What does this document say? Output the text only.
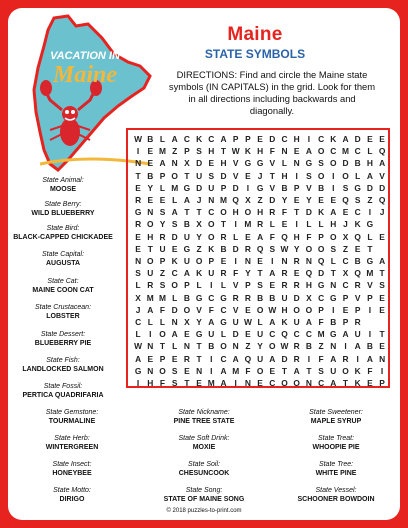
VACATION IN
Maine
Maine
STATE SYMBOLS
DIRECTIONS: Find and circle the Maine state symbols (IN CAPITALS) in the grid. Look for them in all directions including backwards and diagonally.
State Animal:
MOOSE
State Berry:
WILD BLUEBERRY
State Bird:
BLACK-CAPPED CHICKADEE
State Capital:
AUGUSTA
State Cat:
MAINE COON CAT
State Crustacean:
LOBSTER
State Dessert:
BLUEBERRY PIE
State Fish:
LANDLOCKED SALMON
State Fossil:
PERTICA QUADRIFARIA
W B L A C K C A P P E D C H I C K A D E E
I E M Z P S H T W K H F N E A O C M C L Q
N E A N X D E H V G G V L N G S O D B H A
T B P O T U S D V E J T H I S O I O L A V
E Y L M G D U P D I G V B P V B I S G D D
R E E L A J N M Q X Z D Y E Y E E Q S Z Q
G N S A T T C O H O H R F T D K A E C I	J
R O Y S B X O T	I M R L E I	L L H J K G
E H R D U Y O R L E A F Q H F P O X Q L E
E T U E G Z K B D R Q S W Y O O S Z E T
N O P K U O P E I N E I N R N Q L C B G A
S U Z C A K U R F Y T A R E Q D T X Q M T
L R S O P L	I	L V P S E R R H G N C R V S
X M M L B G C G R R B B U D X C G P V P E
J A F D O V F C V E O W H O O P I E P I E
C L L N X Y A G U W L A K U A F B P R
L	I O A E G U L D E U C Q C C M G A U I	T
W N T L N T B O N Z Y O W R B Z N I A B E
A E P E R T	I C A Q U A D R I	F A R I A N
G N O S E N I A M F O E T A T S U O K F	I
I H F S T E M A I N E C O O N C A T K E P
State Gemstone:
TOURMALINE
State Nickname:
PINE TREE STATE
State Sweetener:
MAPLE SYRUP
State Herb:
WINTERGREEN
State Soft Drink:
MOXIE
State Treat:
WHOOPIE PIE
State Insect:
HONEYBEE
State Soil:
CHESUNCOOK
State Tree:
WHITE PINE
State Motto:
DIRIGO
State Song:
STATE OF MAINE SONG
State Vessel:
SCHOONER BOWDOIN
© 2018 puzzles-to-print.com
